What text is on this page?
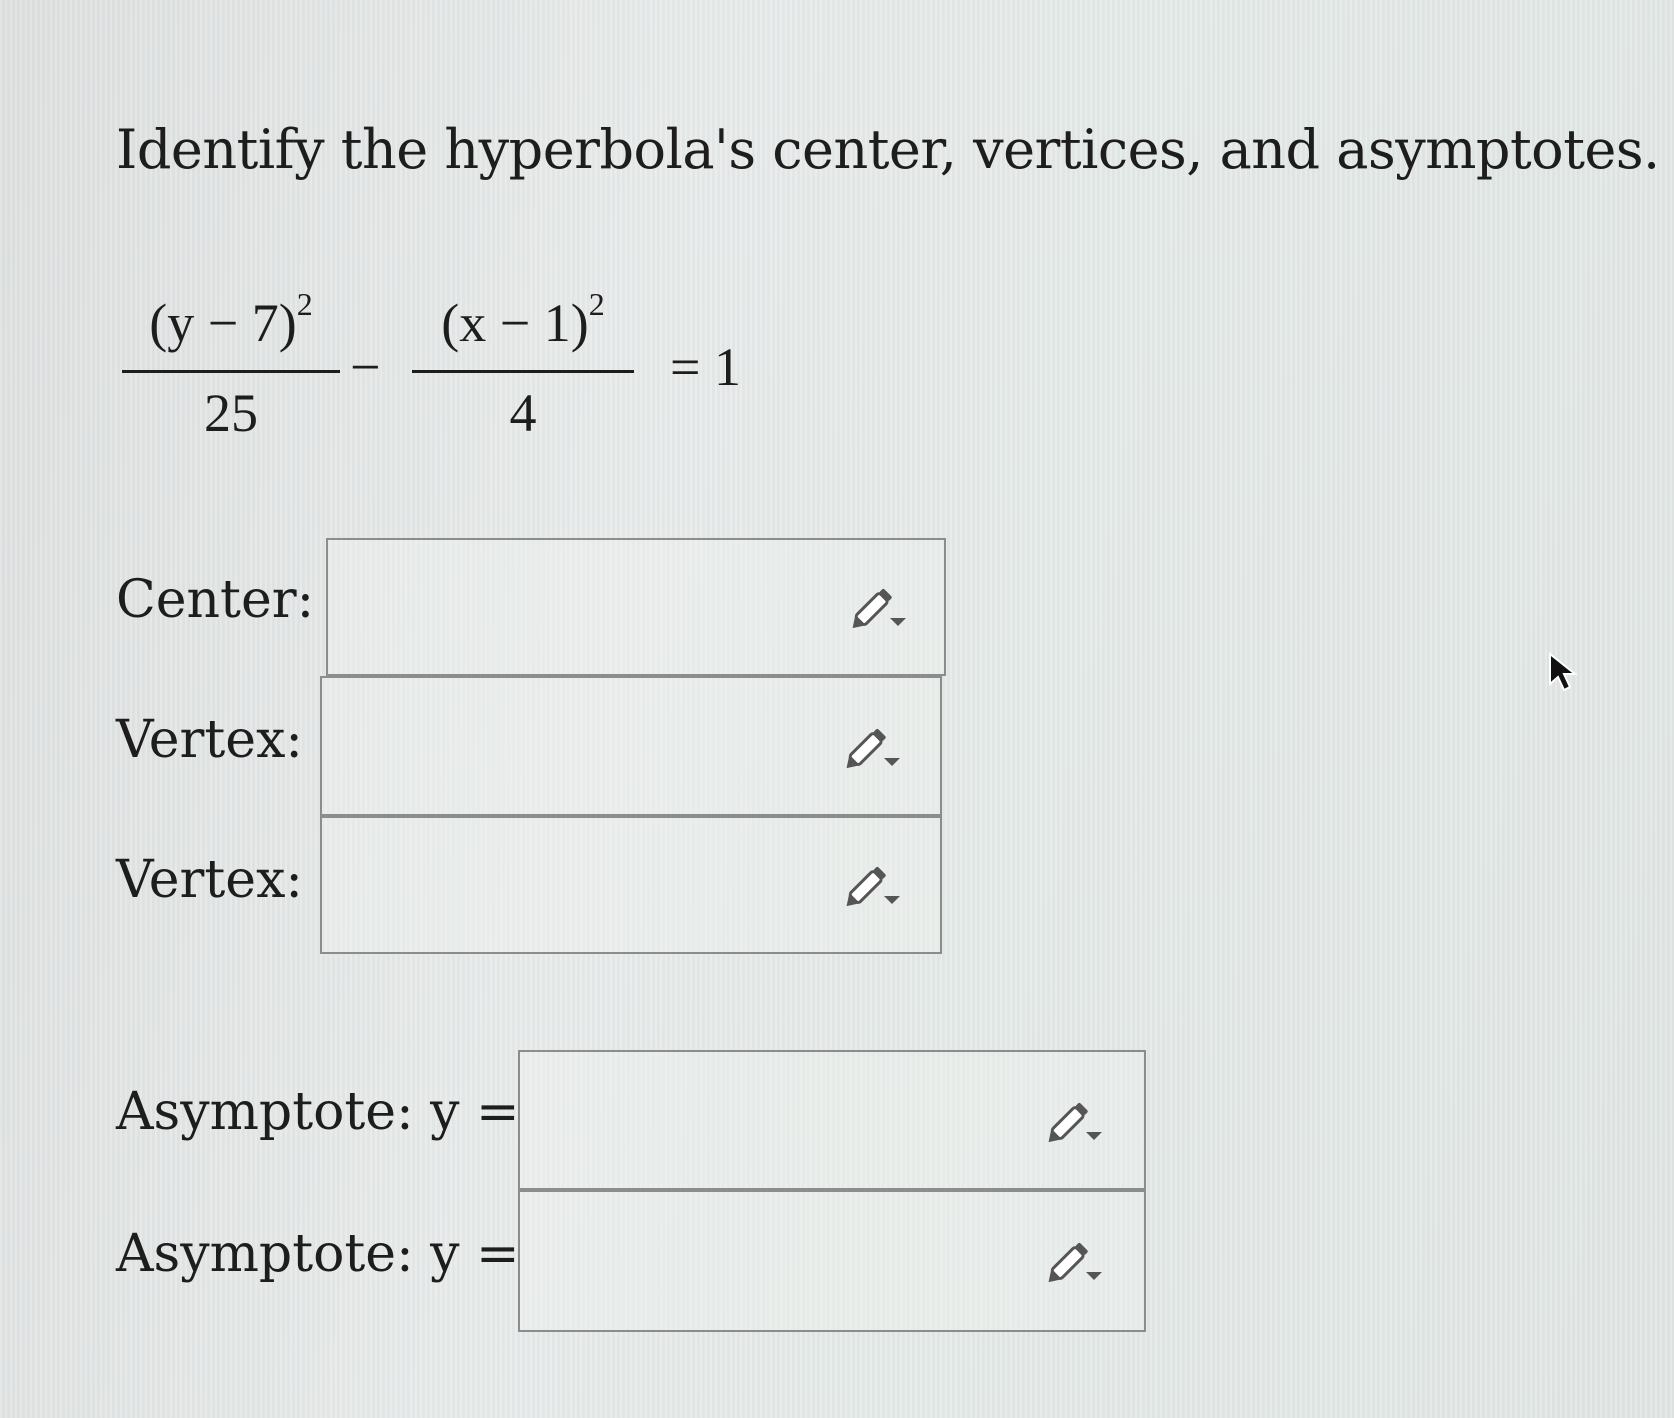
Identify the hyperbola's center, vertices, and asymptotes.
$(y - 7)^2$
25
−
$(x - 1)^2$
4
= 1
Center:
Vertex:
Vertex:
Asymptote: y =
Asymptote: y =
